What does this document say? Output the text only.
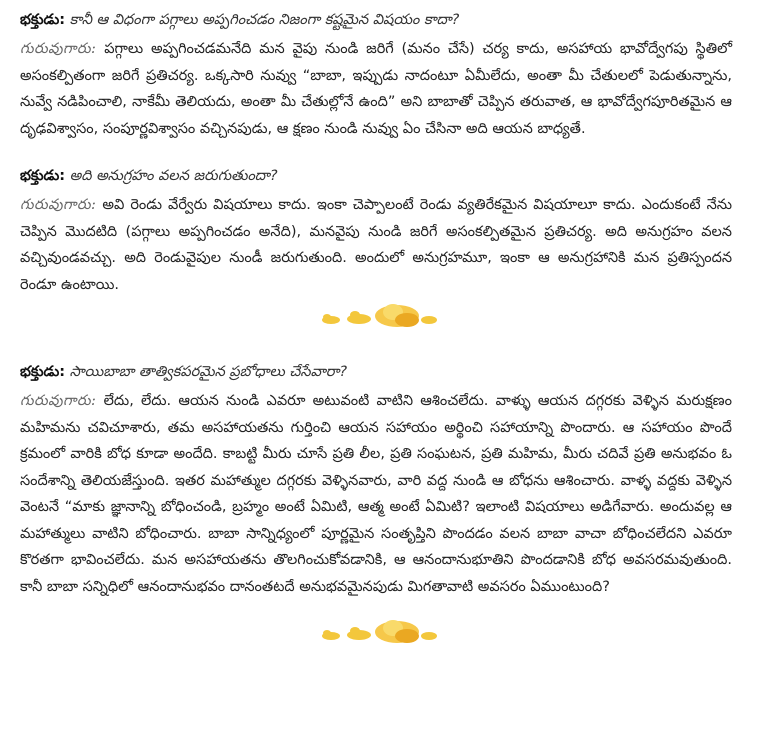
భక్తుడు: కానీ ఆ విధంగా పగ్గాలు అప్పగించడం నిజంగా కష్టమైన విషయం కాదా?

గురువుగారు: పగ్గాలు అప్పగించడమనేది మన వైపు నుండి జరిగే (మనం చేసే) చర్య కాదు, అసహాయ భావోద్వేగపు స్థితిలో అసంకల్పితంగా జరిగే ప్రతిచర్య. ఒక్కసారి నువ్వు “బాబా, ఇప్పుడు నాదంటూ ఏమీలేదు, అంతా మీ చేతులలో పెడుతున్నాను, నువ్వే నడిపించాలి, నాకేమీ తెలియదు, అంతా మీ చేతుల్లోనే ఉంది” అని బాబాతో చెప్పిన తరువాత, ఆ భావోద్వేగపూరితమైన ఆ దృఢవిశ్వాసం, సంపూర్ణవిశ్వాసం వచ్చినపుడు, ఆ క్షణం నుండి నువ్వు ఏం చేసినా అది ఆయన బాధ్యతే.

భక్తుడు: అది అనుగ్రహం వలన జరుగుతుందా?

గురువుగారు: అవి రెండు వేర్వేరు విషయాలు కాదు. ఇంకా చెప్పాలంటే రెండు వ్యతిరేకమైన విషయాలూ కాదు. ఎందుకంటే నేను చెప్పిన మొదటిది (పగ్గాలు అప్పగించడం అనేది), మనవైపు నుండి జరిగే అసంకల్పితమైన ప్రతిచర్య. అది అనుగ్రహం వలన వచ్చివుండవచ్చు. అది రెండువైపుల నుండీ జరుగుతుంది. అందులో అనుగ్రహమూ, ఇంకా ఆ అనుగ్రహానికి మన ప్రతిస్పందన రెండూ ఉంటాయి.

భక్తుడు: సాయిబాబా తాత్వికపరమైన ప్రబోధాలు చేసేవారా?

గురువుగారు: లేదు, లేదు. ఆయన నుండి ఎవరూ అటువంటి వాటిని ఆశించలేదు. వాళ్ళు ఆయన దగ్గరకు వెళ్ళిన మరుక్షణం మహిమను చవిచూశారు, తమ అసహాయతను గుర్తించి ఆయన సహాయం అర్థించి సహాయాన్ని పొందారు. ఆ సహాయం పొందే క్రమంలో వారికి బోధ కూడా అందేది. కాబట్టి మీరు చూసే ప్రతి లీల, ప్రతి సంఘటన, ప్రతి మహిమ, మీరు చదివే ప్రతి అనుభవం ఓ సందేశాన్ని తెలియజేస్తుంది. ఇతర మహాత్ముల దగ్గరకు వెళ్ళినవారు, వారి వద్ద నుండి ఆ బోధను ఆశించారు. వాళ్ళ వద్దకు వెళ్ళిన వెంటనే “మాకు జ్ఞానాన్ని బోధించండి, బ్రహ్మం అంటే ఏమిటి, ఆత్మ అంటే ఏమిటి? ఇలాంటి విషయాలు అడిగేవారు. అందువల్ల ఆ మహాత్ములు వాటిని బోధించారు. బాబా సాన్నిధ్యంలో పూర్ణమైన సంతృప్తిని పొందడం వలన బాబా వాచా బోధించలేదని ఎవరూ కొరతగా భావించలేదు. మన అసహాయతను తొలగించుకోవడానికి, ఆ ఆనందానుభూతిని పొందడానికి బోధ అవసరమవుతుంది. కానీ బాబా సన్నిధిలో ఆనందానుభవం దానంతటదే అనుభవమైనపుడు మిగతావాటి అవసరం ఏముంటుంది?
